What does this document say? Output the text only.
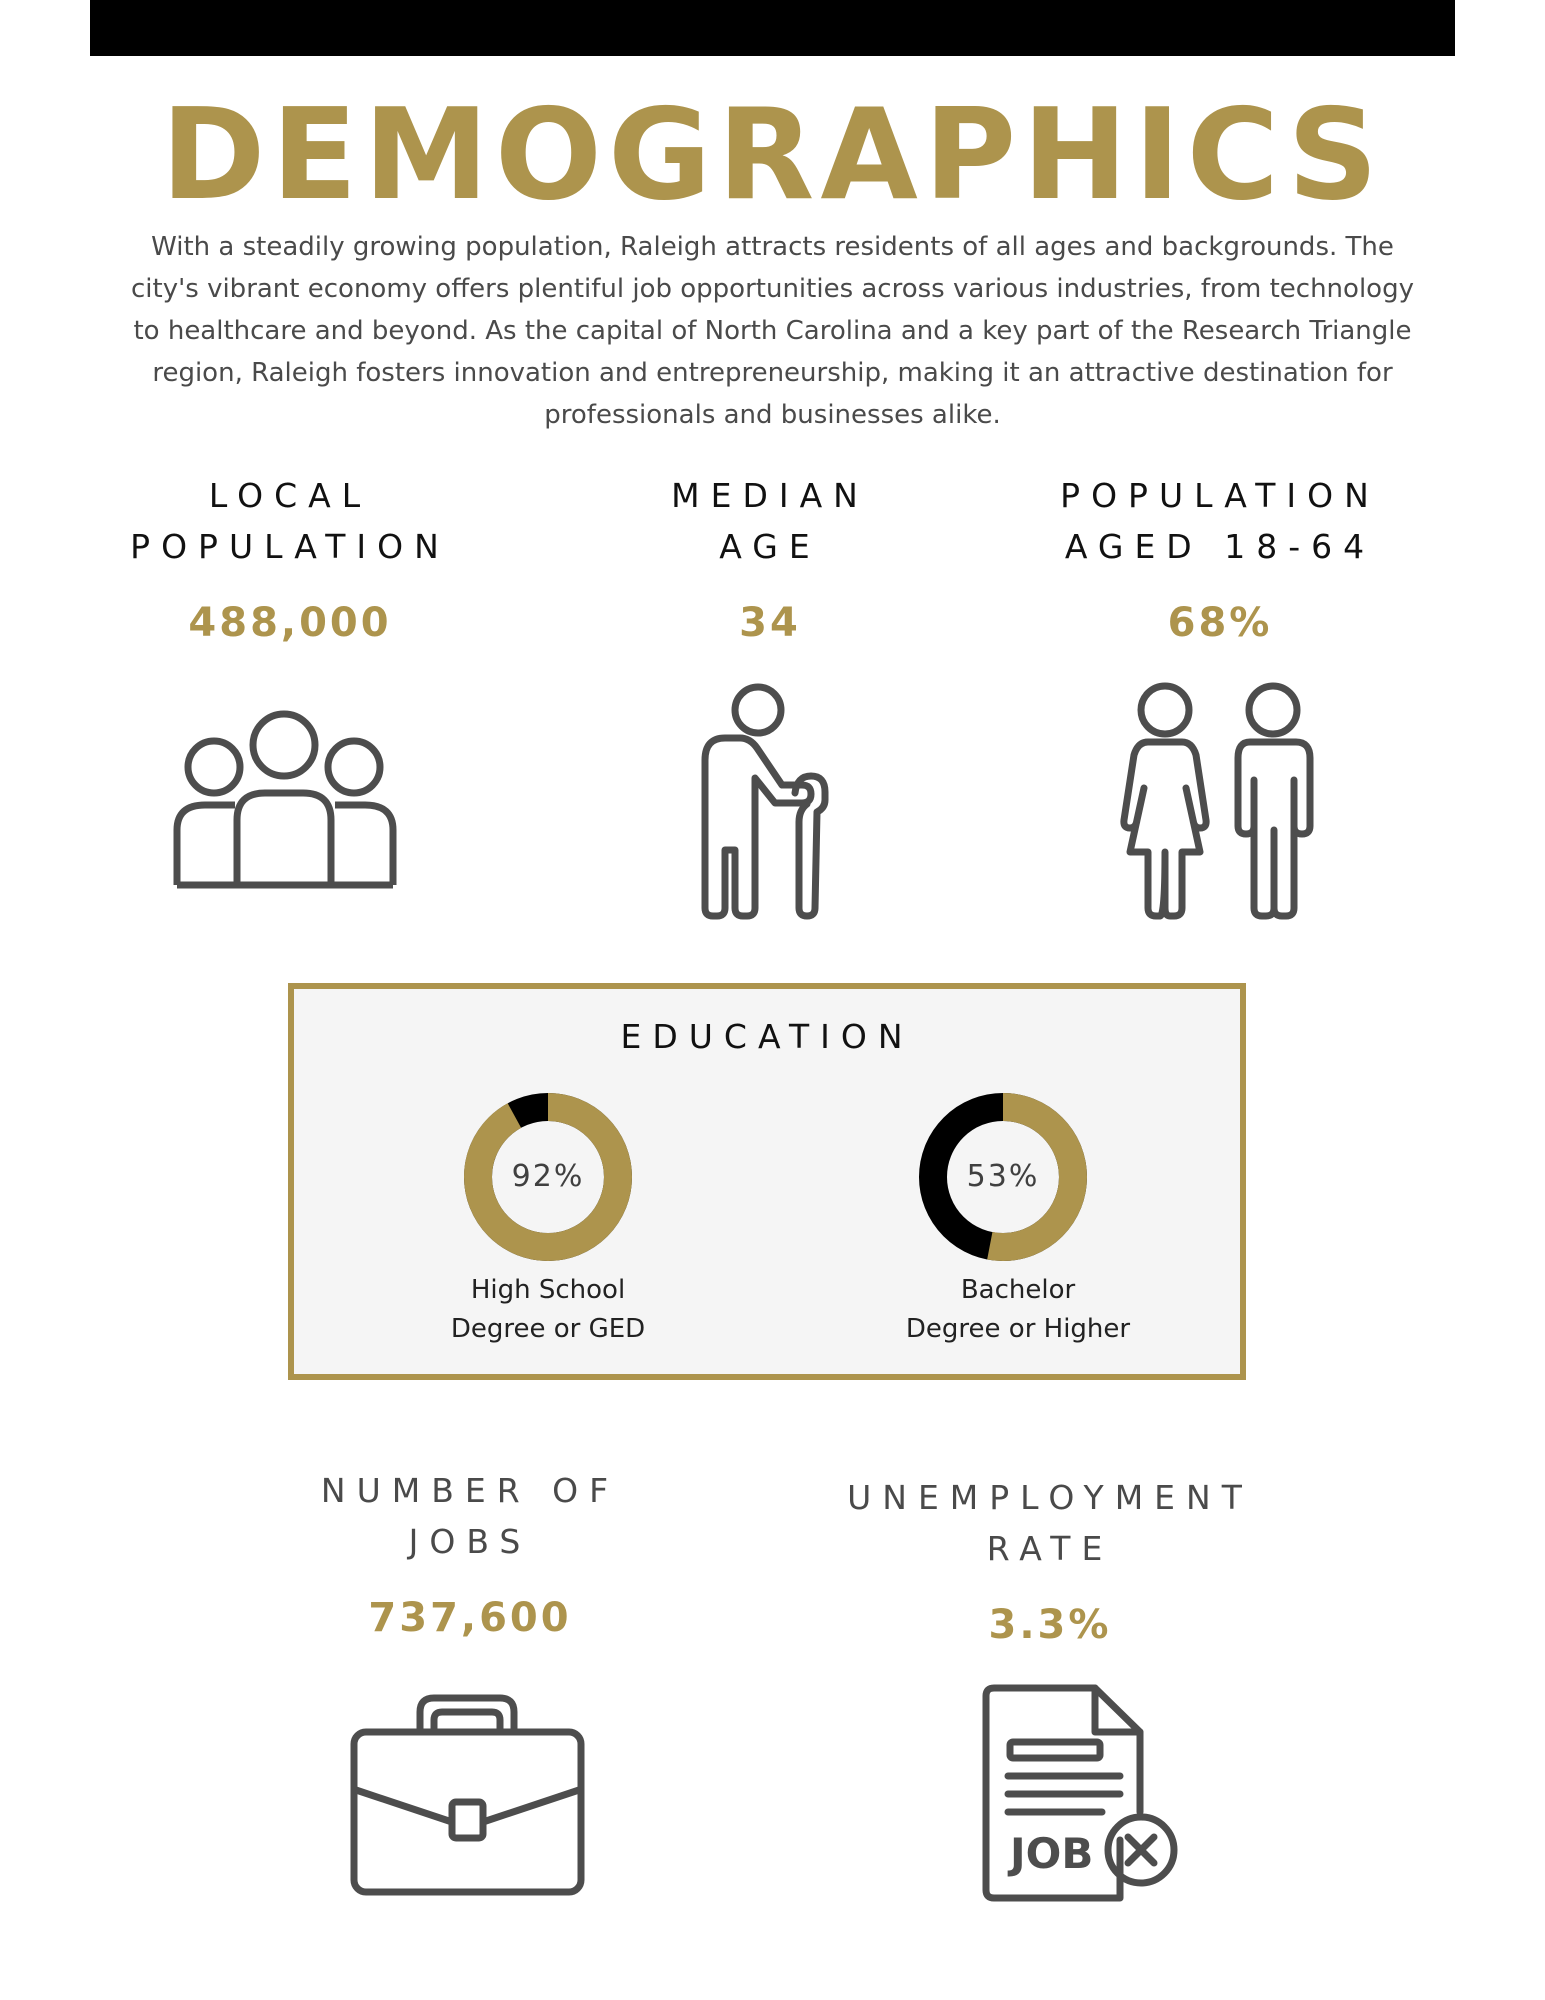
DEMOGRAPHICS
With a steadily growing population, Raleigh attracts residents of all ages and backgrounds. The city's vibrant economy offers plentiful job opportunities across various industries, from technology to healthcare and beyond. As the capital of North Carolina and a key part of the Research Triangle region, Raleigh fosters innovation and entrepreneurship, making it an attractive destination for professionals and businesses alike.
LOCAL
POPULATION
488,000
MEDIAN
AGE
34
POPULATION
AGED 18-64
68%
EDUCATION
92%
High School
Degree or GED
53%
Bachelor
Degree or Higher
NUMBER OF
JOBS
737,600
UNEMPLOYMENT
RATE
3.3%
JOB
